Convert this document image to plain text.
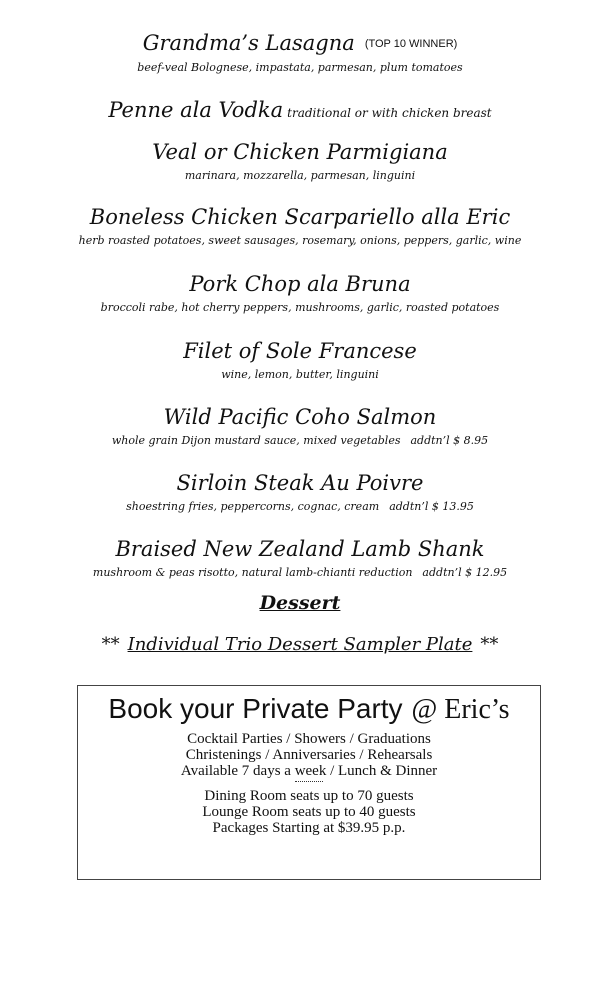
Grandma’s Lasagna (TOP 10 WINNER)
beef-veal Bolognese, impastata, parmesan, plum tomatoes
Penne ala Vodka traditional or with chicken breast
Veal or Chicken Parmigiana
marinara, mozzarella, parmesan, linguini
Boneless Chicken Scarpariello alla Eric
herb roasted potatoes, sweet sausages, rosemary, onions, peppers, garlic, wine
Pork Chop ala Bruna
broccoli rabe, hot cherry peppers, mushrooms, garlic, roasted potatoes
Filet of Sole Francese
wine, lemon, butter, linguini
Wild Pacific Coho Salmon
whole grain Dijon mustard sauce, mixed vegetables addtn’l $ 8.95
Sirloin Steak Au Poivre
shoestring fries, peppercorns, cognac, cream addtn’l $ 13.95
Braised New Zealand Lamb Shank
mushroom & peas risotto, natural lamb-chianti reduction addtn’l $ 12.95
Dessert
** Individual Trio Dessert Sampler Plate **
Book your Private Party @ Eric’s
Cocktail Parties / Showers / Graduations
Christenings / Anniversaries / Rehearsals
Available 7 days a week / Lunch & Dinner
Dining Room seats up to 70 guests
Lounge Room seats up to 40 guests
Packages Starting at $39.95 p.p.
